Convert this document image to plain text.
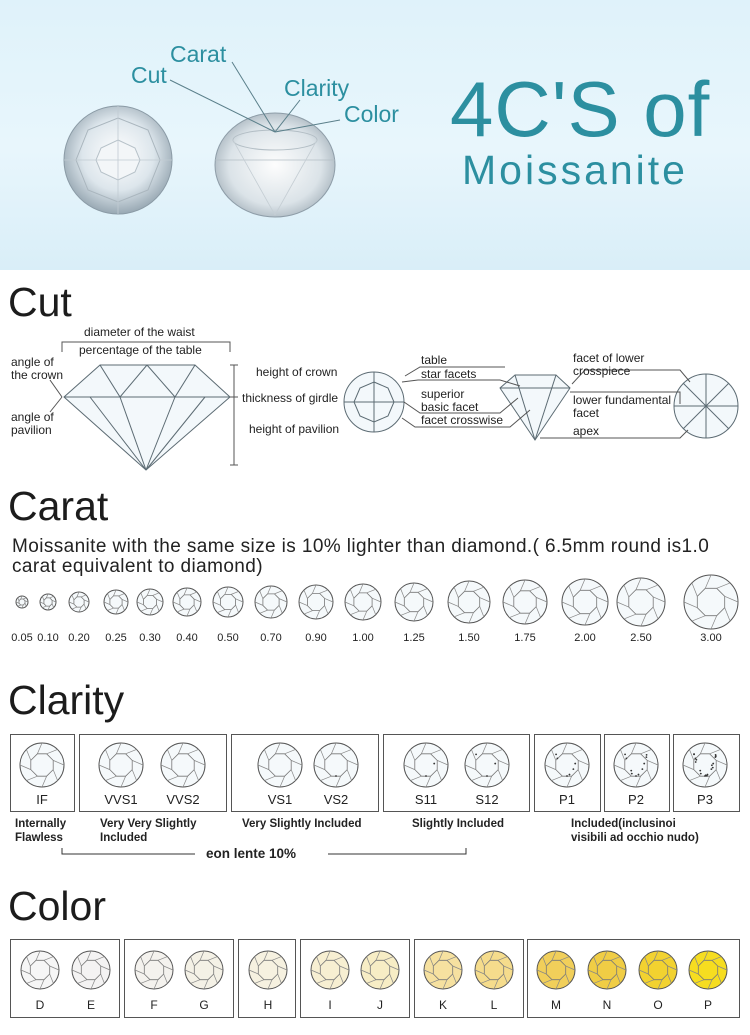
Cut
Carat
Clarity
Color 4C'S of
Moissanite
Cut
diameter of the waist
percentage of the table
angle of
the crown
angle of
pavilion
height of crown
thickness of girdle
height of pavilion
table
star facets
superior
basic facet
facet crosswise
facet of lower
crosspiece
lower fundamental
facet
apex
Carat
Moissanite with the same size is 10% lighter than diamond.( 6.5mm round is1.0 carat equivalent to diamond)
0.05 0.10 0.20	0.25	0.30	0.40	0.50	0.70	0.90	1.00	1.25	1.50	1.75	2.00	2.50	3.00
Clarity
IF	VVS1	VVS2	VS1	VS2	S11	S12	P1	P2	P3
Internally
Flawless
Very Very Slightly
Included
Very Slightly Included	Slightly Included	Included(inclusinoi
visibili ad occhio nudo)
eon lente 10%
Color
D	E	F	G	H	I	J	K	L	M	N	O	P
